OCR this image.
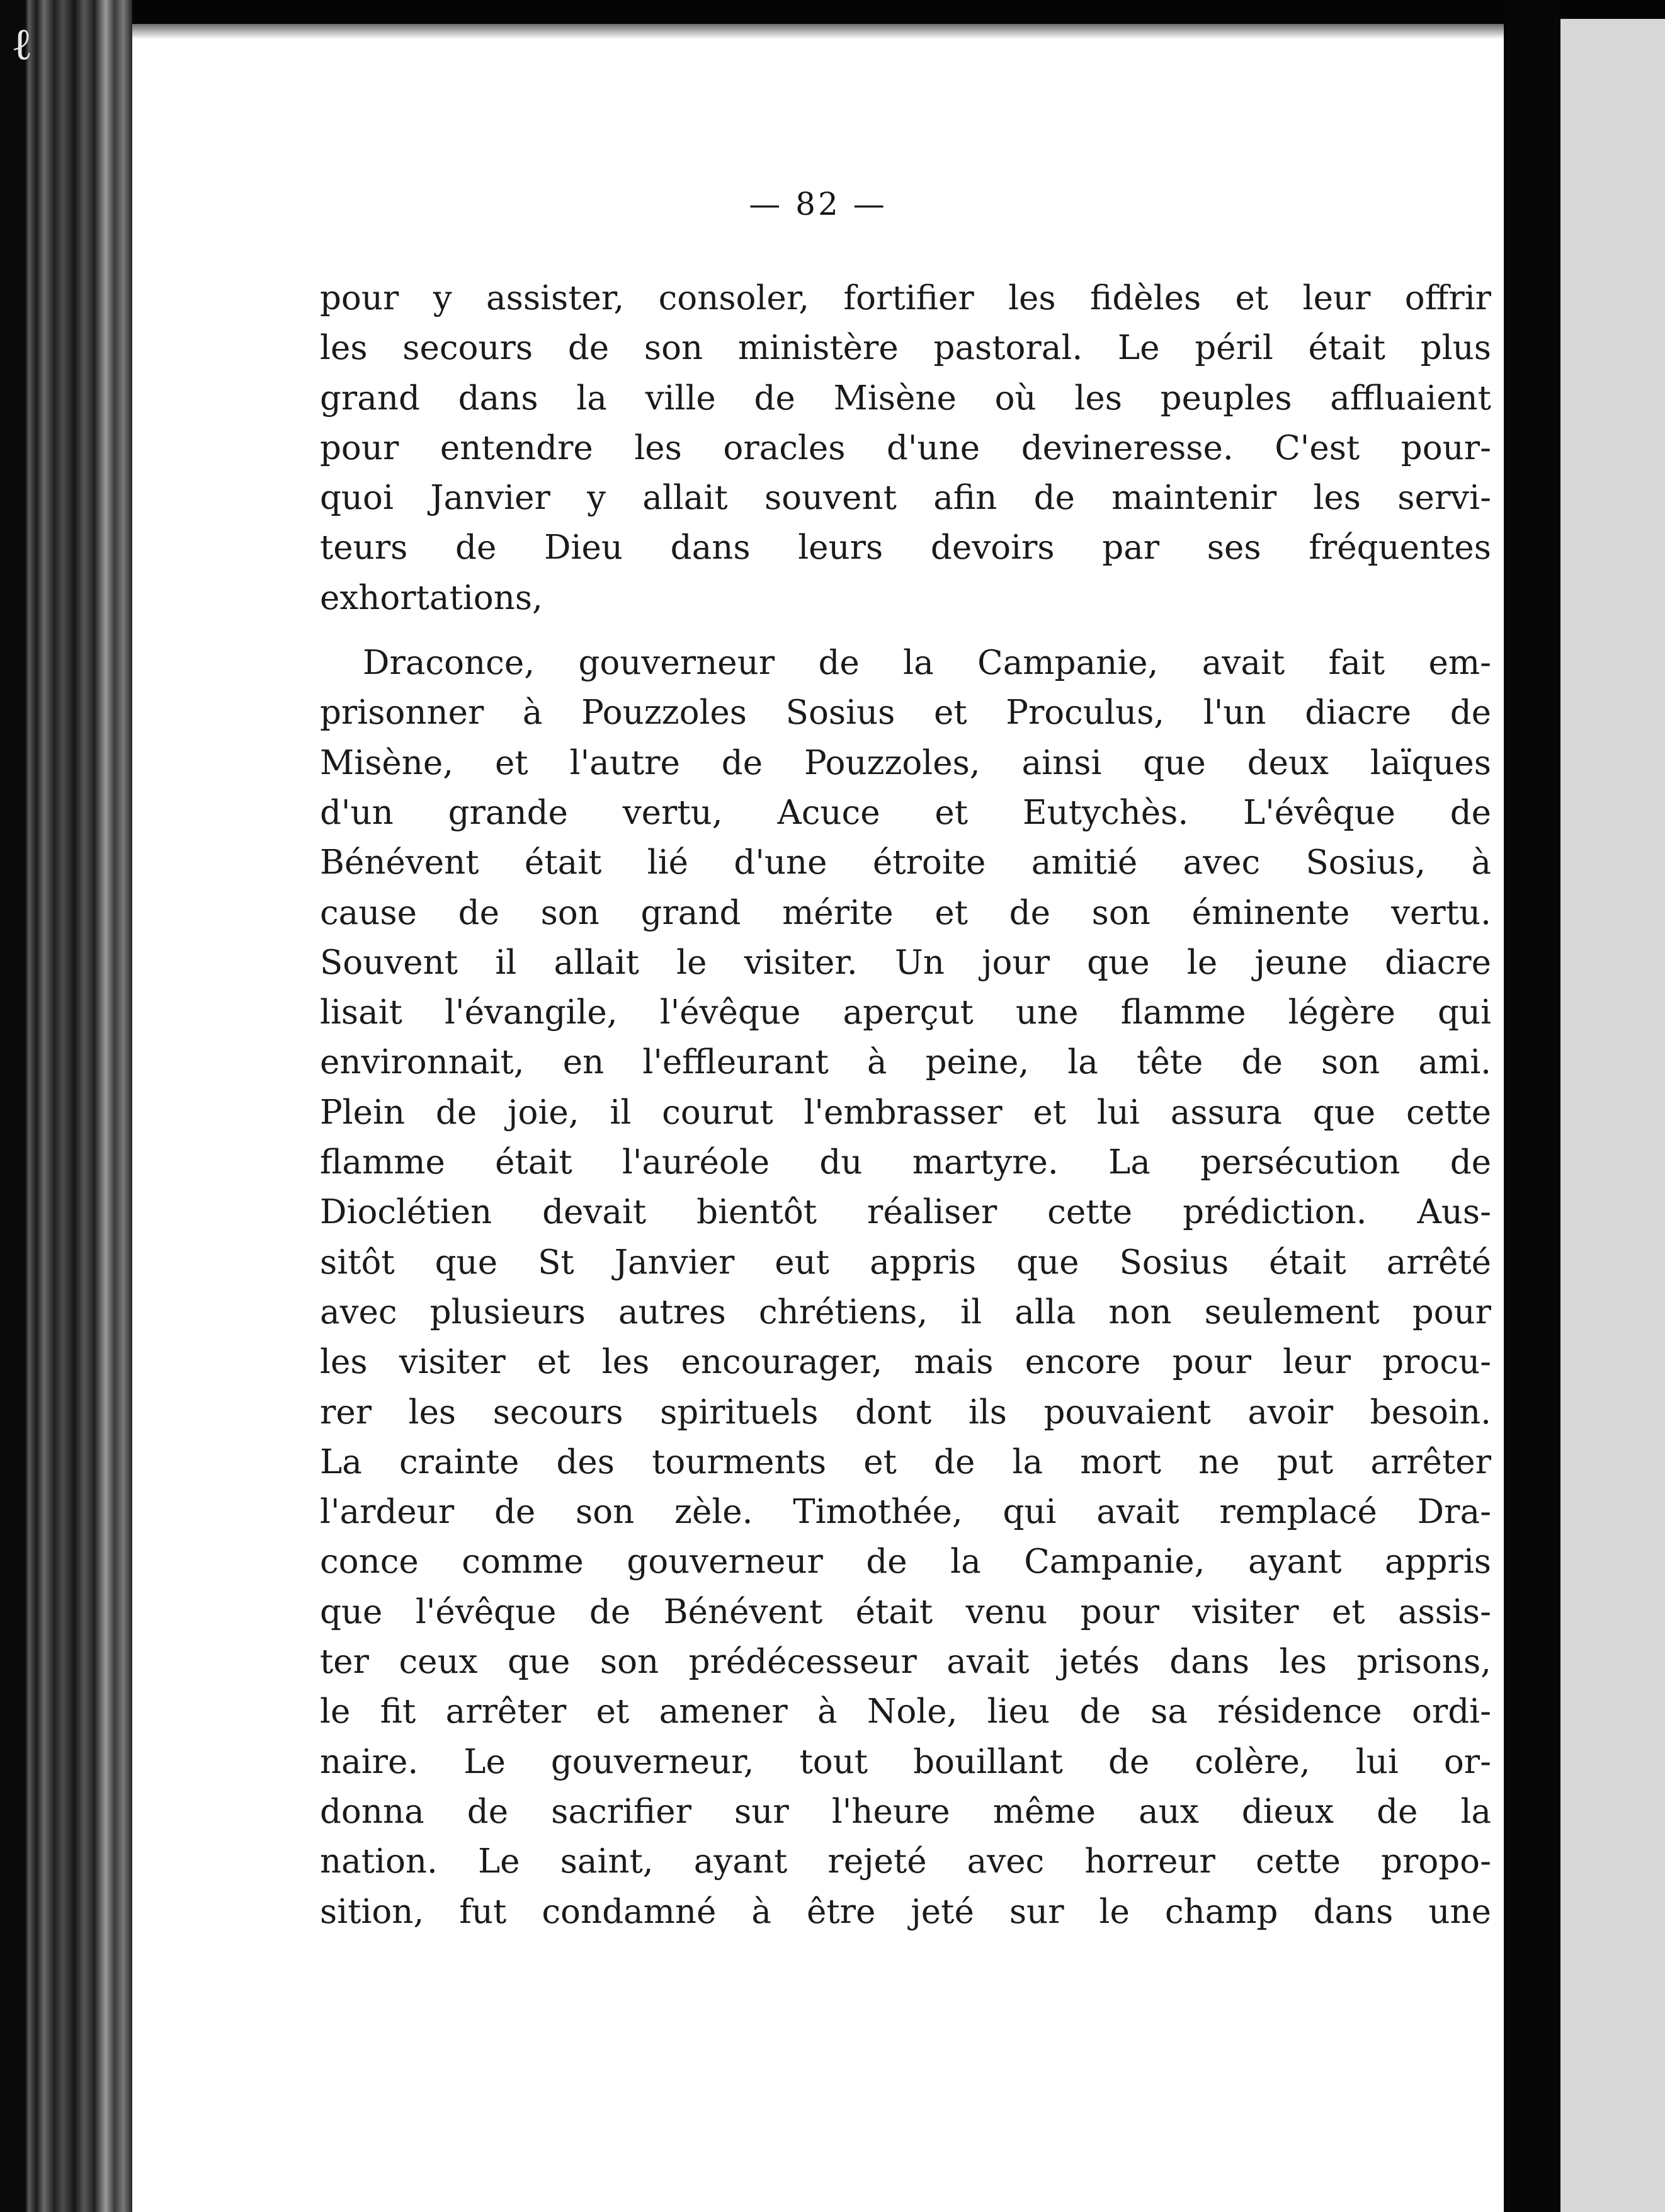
ℓ
— 82 —
pour y assister, consoler, fortifier les fidèles et leur offrir
les secours de son ministère pastoral. Le péril était plus
grand dans la ville de Misène où les peuples affluaient
pour entendre les oracles d'une devineresse. C'est pour-
quoi Janvier y allait souvent afin de maintenir les servi-
teurs de Dieu dans leurs devoirs par ses fréquentes
exhortations,
Draconce, gouverneur de la Campanie, avait fait em-
prisonner à Pouzzoles Sosius et Proculus, l'un diacre de
Misène, et l'autre de Pouzzoles, ainsi que deux laïques
d'un grande vertu, Acuce et Eutychès. L'évêque de
Bénévent était lié d'une étroite amitié avec Sosius, à
cause de son grand mérite et de son éminente vertu.
Souvent il allait le visiter. Un jour que le jeune diacre
lisait l'évangile, l'évêque aperçut une flamme légère qui
environnait, en l'effleurant à peine, la tête de son ami.
Plein de joie, il courut l'embrasser et lui assura que cette
flamme était l'auréole du martyre. La persécution de
Dioclétien devait bientôt réaliser cette prédiction. Aus-
sitôt que St Janvier eut appris que Sosius était arrêté
avec plusieurs autres chrétiens, il alla non seulement pour
les visiter et les encourager, mais encore pour leur procu-
rer les secours spirituels dont ils pouvaient avoir besoin.
La crainte des tourments et de la mort ne put arrêter
l'ardeur de son zèle. Timothée, qui avait remplacé Dra-
conce comme gouverneur de la Campanie, ayant appris
que l'évêque de Bénévent était venu pour visiter et assis-
ter ceux que son prédécesseur avait jetés dans les prisons,
le fit arrêter et amener à Nole, lieu de sa résidence ordi-
naire. Le gouverneur, tout bouillant de colère, lui or-
donna de sacrifier sur l'heure même aux dieux de la
nation. Le saint, ayant rejeté avec horreur cette propo-
sition, fut condamné à être jeté sur le champ dans une
